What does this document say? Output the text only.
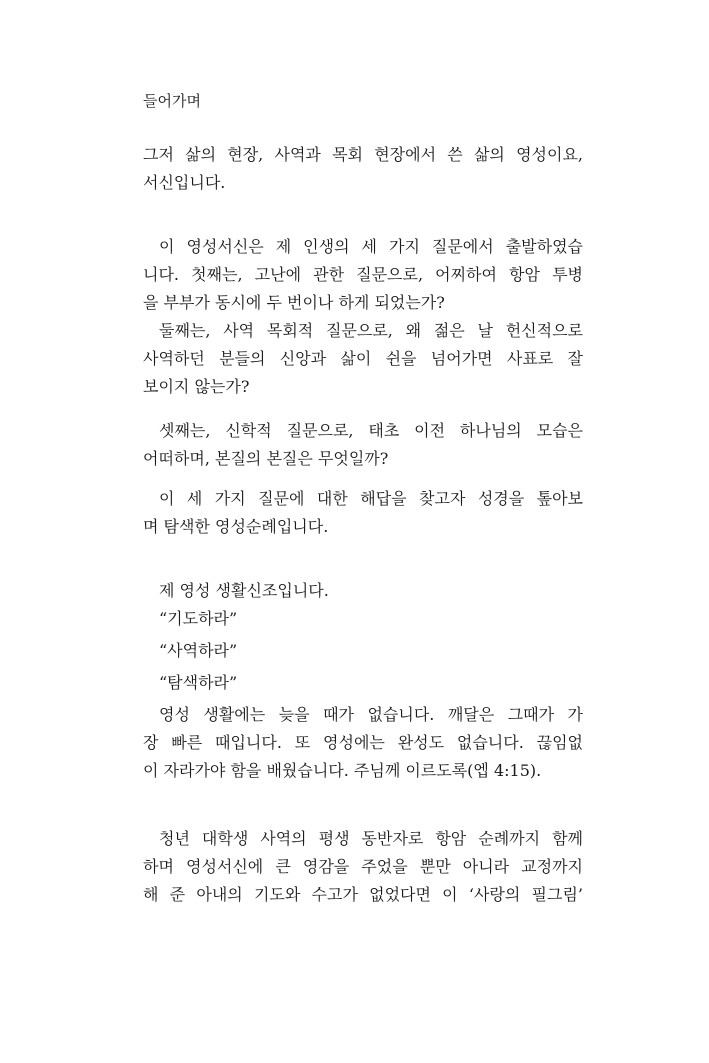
들어가며
그저 삶의 현장, 사역과 목회 현장에서 쓴 삶의 영성이요,
서신입니다.
 이 영성서신은 제 인생의 세 가지 질문에서 출발하였습
니다. 첫째는, 고난에 관한 질문으로, 어찌하여 항암 투병
을 부부가 동시에 두 번이나 하게 되었는가?
 둘째는, 사역 목회적 질문으로, 왜 젊은 날 헌신적으로
사역하던 분들의 신앙과 삶이 쉰을 넘어가면 사표로 잘
보이지 않는가?
 셋째는, 신학적 질문으로, 태초 이전 하나님의 모습은
어떠하며, 본질의 본질은 무엇일까?
 이 세 가지 질문에 대한 해답을 찾고자 성경을 톺아보
며 탐색한 영성순례입니다.
 제 영성 생활신조입니다.
 “기도하라”
 “사역하라”
 “탐색하라”
 영성 생활에는 늦을 때가 없습니다. 깨달은 그때가 가
장 빠른 때입니다. 또 영성에는 완성도 없습니다. 끊임없
이 자라가야 함을 배웠습니다. 주님께 이르도록(엡 4:15).
 청년 대학생 사역의 평생 동반자로 항암 순례까지 함께
하며 영성서신에 큰 영감을 주었을 뿐만 아니라 교정까지
해 준 아내의 기도와 수고가 없었다면 이 ‘사랑의 필그림’
